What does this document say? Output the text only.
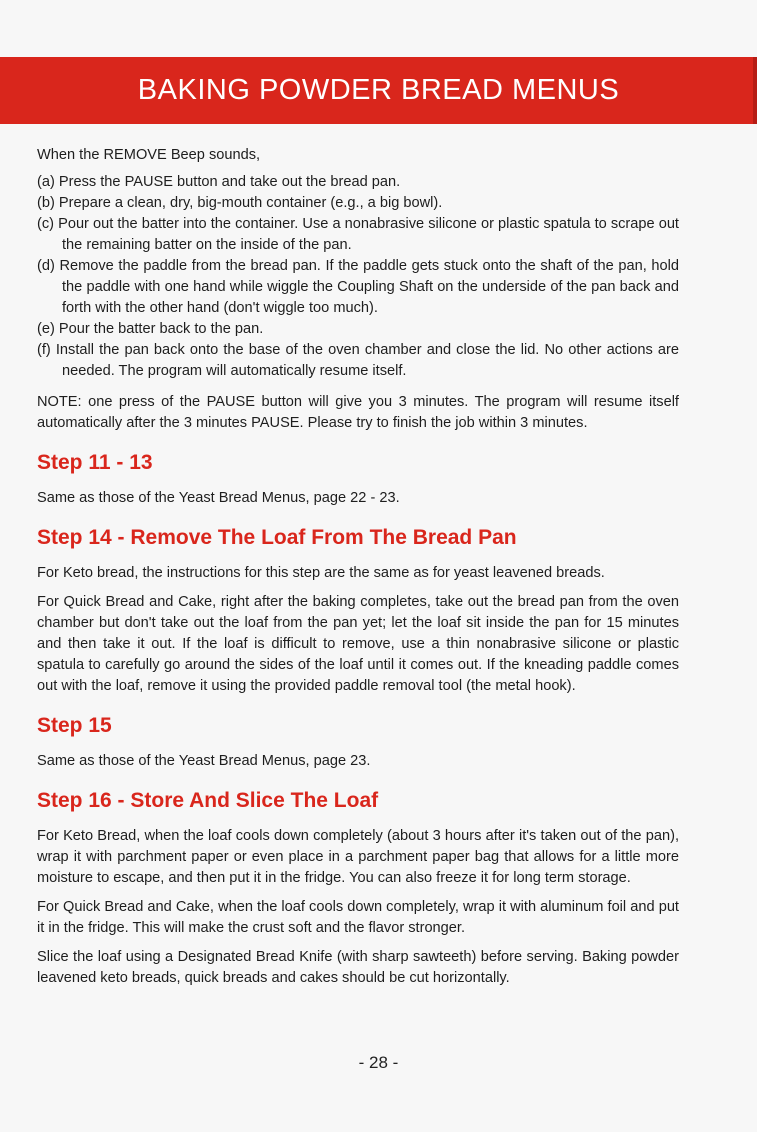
BAKING POWDER BREAD MENUS

When the REMOVE Beep sounds,

(a) Press the PAUSE button and take out the bread pan.
(b) Prepare a clean, dry, big-mouth container (e.g., a big bowl).
(c) Pour out the batter into the container. Use a nonabrasive silicone or plastic spatula to scrape out the remaining batter on the inside of the pan.
(d) Remove the paddle from the bread pan. If the paddle gets stuck onto the shaft of the pan, hold the paddle with one hand while wiggle the Coupling Shaft on the underside of the pan back and forth with the other hand (don't wiggle too much).
(e) Pour the batter back to the pan.
(f) Install the pan back onto the base of the oven chamber and close the lid. No other actions are needed. The program will automatically resume itself.

NOTE: one press of the PAUSE button will give you 3 minutes. The program will resume itself automatically after the 3 minutes PAUSE. Please try to finish the job within 3 minutes.

Step 11 - 13

Same as those of the Yeast Bread Menus, page 22 - 23.

Step 14 - Remove The Loaf From The Bread Pan

For Keto bread, the instructions for this step are the same as for yeast leavened breads.

For Quick Bread and Cake, right after the baking completes, take out the bread pan from the oven chamber but don't take out the loaf from the pan yet; let the loaf sit inside the pan for 15 minutes and then take it out. If the loaf is difficult to remove, use a thin nonabrasive silicone or plastic spatula to carefully go around the sides of the loaf until it comes out. If the kneading paddle comes out with the loaf, remove it using the provided paddle removal tool (the metal hook).

Step 15

Same as those of the Yeast Bread Menus, page 23.

Step 16 - Store And Slice The Loaf

For Keto Bread, when the loaf cools down completely (about 3 hours after it's taken out of the pan), wrap it with parchment paper or even place in a parchment paper bag that allows for a little more moisture to escape, and then put it in the fridge. You can also freeze it for long term storage.

For Quick Bread and Cake, when the loaf cools down completely, wrap it with aluminum foil and put it in the fridge. This will make the crust soft and the flavor stronger.

Slice the loaf using a Designated Bread Knife (with sharp sawteeth) before serving. Baking powder leavened keto breads, quick breads and cakes should be cut horizontally.

- 28 -
